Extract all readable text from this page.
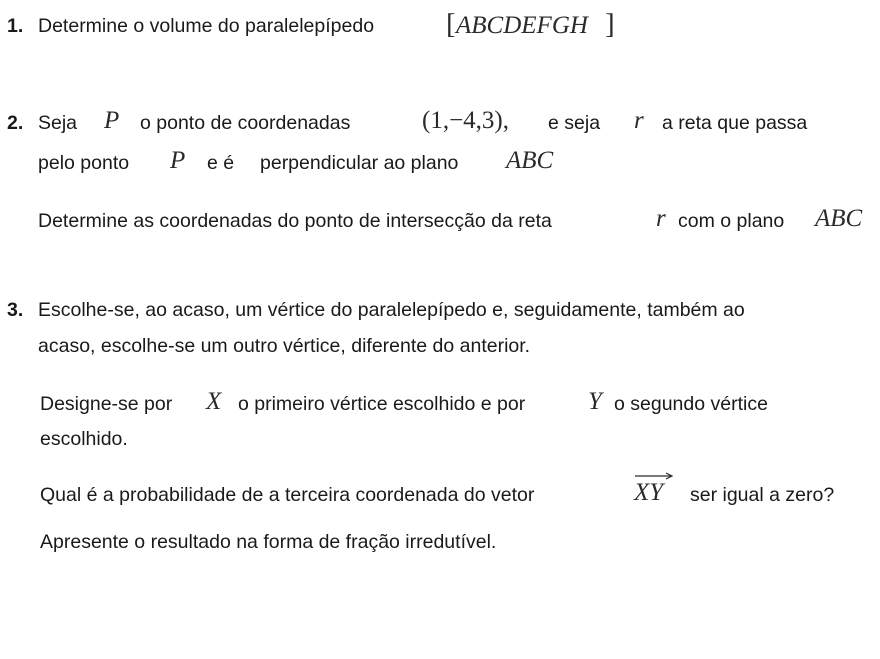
1. Determine o volume do paralelepípedo [ ABCDEFGH ]
2. Seja P o ponto de coordenadas	(1,−4,3), e seja r a reta que passa
pelo ponto P e é perpendicular ao plano ABC
Determine as coordenadas do ponto de intersecção da reta	r com o plano ABC
3. Escolhe-se, ao acaso, um vértice do paralelepípedo e, seguidamente, também ao
acaso, escolhe-se um outro vértice, diferente do anterior.
Designe-se por X o primeiro vértice escolhido e por	Y o segundo vértice
escolhido.
Qual é a probabilidade de a terceira coordenada do vetor	XY ser igual a zero?
Apresente o resultado na forma de fração irredutível.
